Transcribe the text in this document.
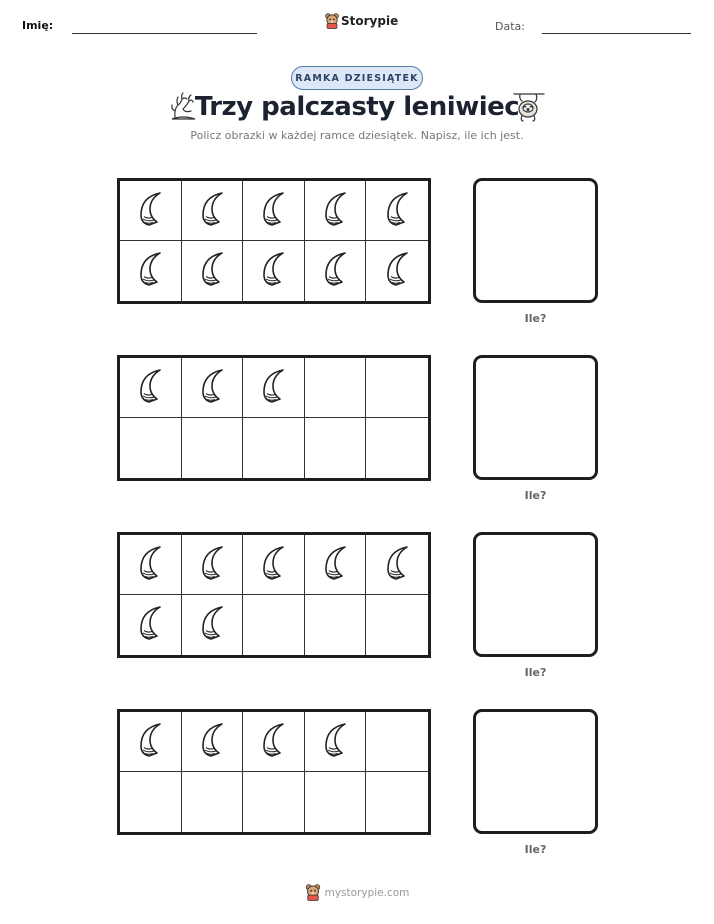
Imię:	Storypie	Data:
RAMKA DZIESIĄTEK
Trzy palczasty leniwiec
Policz obrazki w każdej ramce dziesiątek. Napisz, ile ich jest.
Ile?
Ile?
Ile?
Ile?
mystorypie.com
